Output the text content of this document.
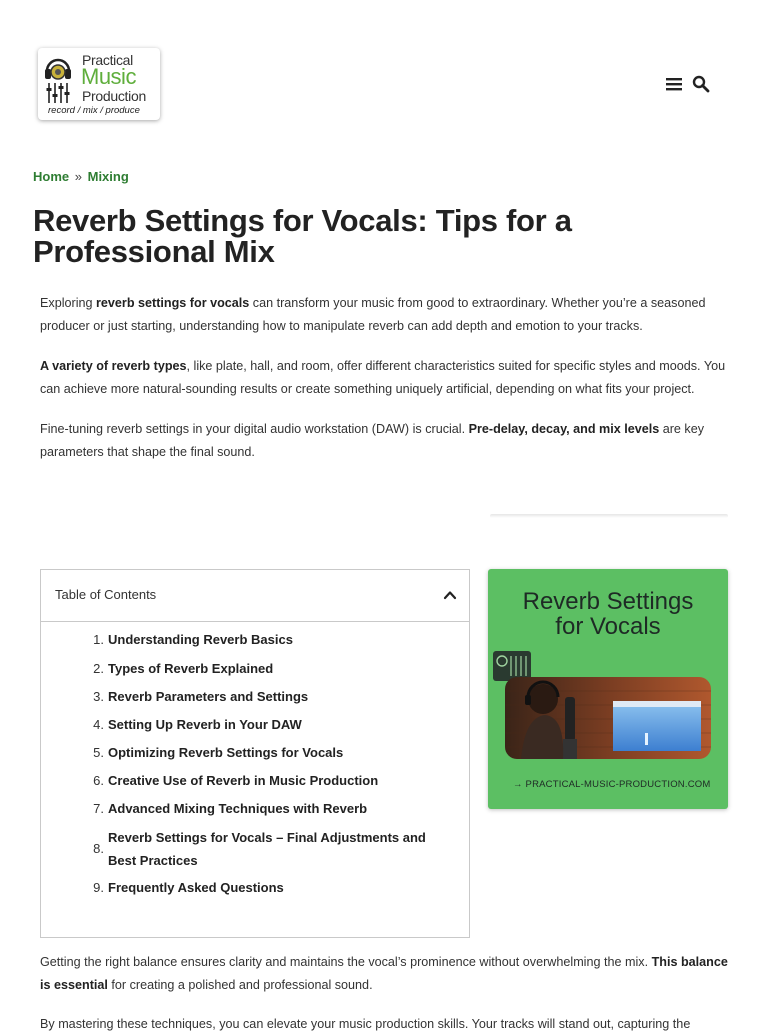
Practical
Music
Production
record / mix / produce
Home » Mixing
Reverb Settings for Vocals: Tips for a Professional Mix

Exploring reverb settings for vocals can transform your music from good to extraordinary. Whether you’re a seasoned producer or just starting, understanding how to manipulate reverb can add depth and emotion to your tracks.

A variety of reverb types, like plate, hall, and room, offer different characteristics suited for specific styles and moods. You can achieve more natural-sounding results or create something uniquely artificial, depending on what fits your project.

Fine-tuning reverb settings in your digital audio workstation (DAW) is crucial. Pre-delay, decay, and mix levels are key parameters that shape the final sound.

Table of Contents
1. Understanding Reverb Basics
2. Types of Reverb Explained
3. Reverb Parameters and Settings
4. Setting Up Reverb in Your DAW
5. Optimizing Reverb Settings for Vocals
6. Creative Use of Reverb in Music Production
7. Advanced Mixing Techniques with Reverb
8.
Reverb Settings for Vocals – Final Adjustments and Best Practices
9. Frequently Asked Questions
Reverb Settings
for Vocals
→ PRACTICAL-MUSIC-PRODUCTION.COM

Getting the right balance ensures clarity and maintains the vocal’s prominence without overwhelming the mix. This balance is essential for creating a polished and professional sound.

By mastering these techniques, you can elevate your music production skills. Your tracks will stand out, capturing the
